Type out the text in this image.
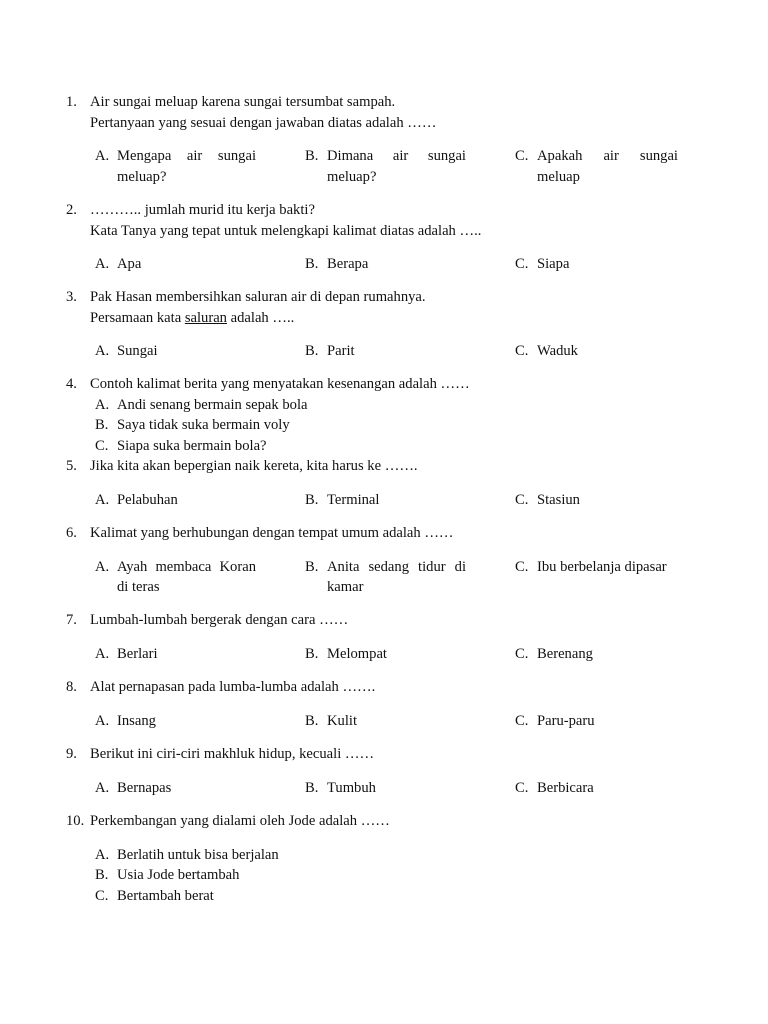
1. Air sungai meluap karena sungai tersumbat sampah.
Pertanyaan yang sesuai dengan jawaban diatas adalah ……
A. Mengapa air sungai meluap?
B. Dimana air sungai meluap?
C. Apakah air sungai meluap
2. ……….. jumlah murid itu kerja bakti?
Kata Tanya yang tepat untuk melengkapi kalimat diatas adalah …..
A. Apa	B. Berapa	C. Siapa
3. Pak Hasan membersihkan saluran air di depan rumahnya.
Persamaan kata saluran adalah …..
A. Sungai	B. Parit	C. Waduk
4. Contoh kalimat berita yang menyatakan kesenangan adalah ……
A. Andi senang bermain sepak bola
B. Saya tidak suka bermain voly
C. Siapa suka bermain bola?
5. Jika kita akan bepergian naik kereta, kita harus ke …….
A. Pelabuhan	B. Terminal	C. Stasiun
6. Kalimat yang berhubungan dengan tempat umum adalah ……
A. Ayah membaca Koran di teras
B. Anita sedang tidur di kamar
C. Ibu berbelanja dipasar
7. Lumbah-lumbah bergerak dengan cara ……
A. Berlari	B. Melompat	C. Berenang
8. Alat pernapasan pada lumba-lumba adalah …….
A. Insang	B. Kulit	C. Paru-paru
9. Berikut ini ciri-ciri makhluk hidup, kecuali ……
A. Bernapas	B. Tumbuh	C. Berbicara
10. Perkembangan yang dialami oleh Jode adalah ……
A. Berlatih untuk bisa berjalan
B. Usia Jode bertambah
C. Bertambah berat
